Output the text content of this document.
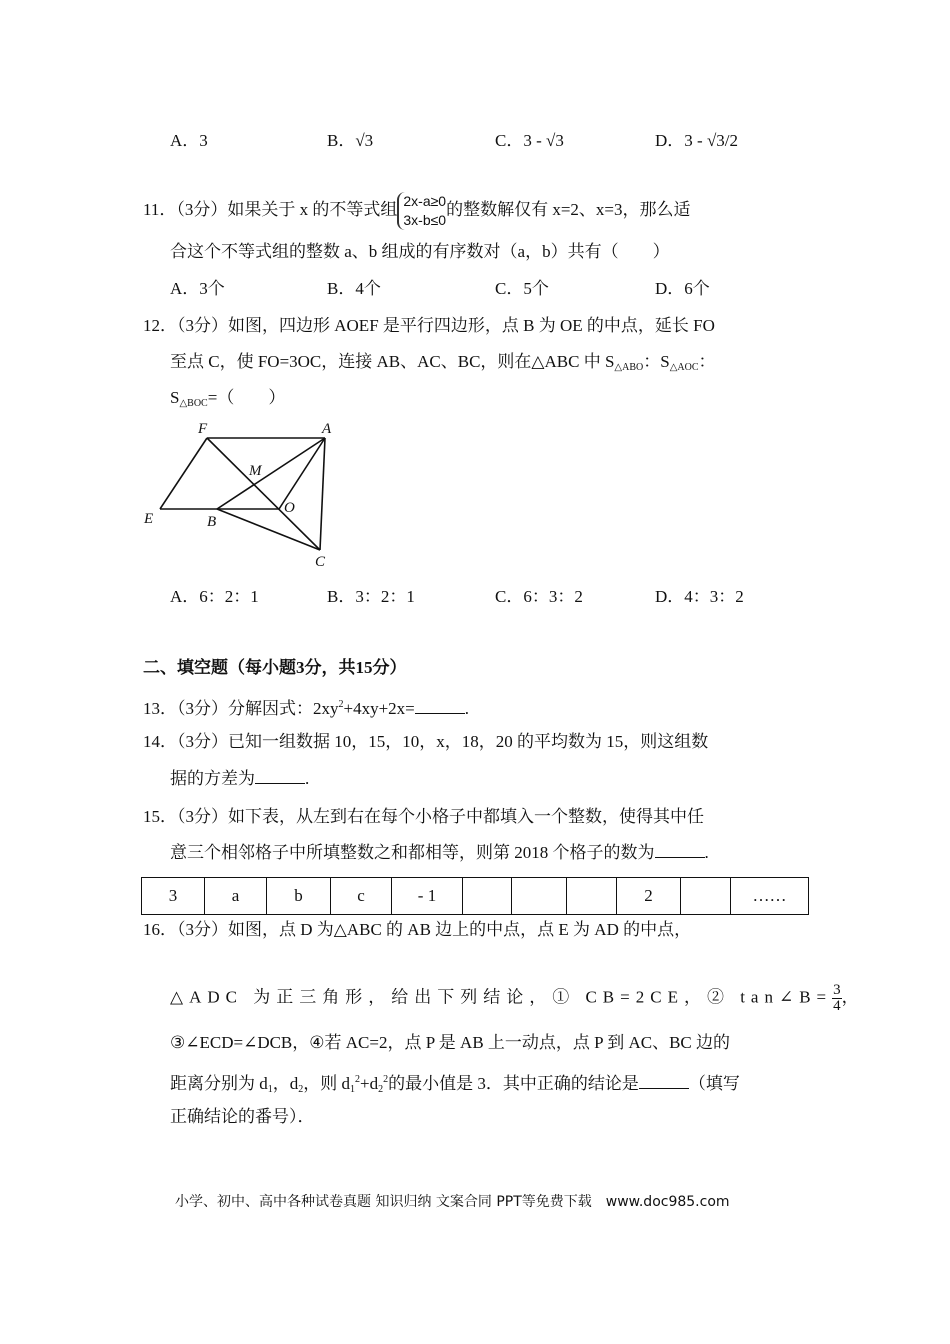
A．3	B．√3	C．3 - √3	D．3 - √3/2
11．（3分）如果关于 x 的不等式组 2x-a≥0
3x-b≤0
的整数解仅有 x=2、x=3，那么适
合这个不等式组的整数 a、b 组成的有序数对（a，b）共有（　　）
A．3个	B．4个	C．5个	D．6个
12．（3分）如图，四边形 AOEF 是平行四边形，点 B 为 OE 的中点，延长 FO
至点 C，使 FO=3OC，连接 AB、AC、BC，则在△ABC 中 $S_{\triangle ABO}$：$S_{\triangle AOC}$：
$S_{\triangle BOC}=$（　　）
F	A
M
E	B
O
C
A．6：2：1	B．3：2：1	C．6：3：2	D．4：3：2
二、填空题（每小题3分，共15分）
13．（3分）分解因式：$2xy^2+4xy+2x=$	.
14．（3分）已知一组数据 10，15，10，x，18，20 的平均数为 15，则这组数
据的方差为	.
15．（3分）如下表，从左到右在每个小格子中都填入一个整数，使得其中任
意三个相邻格子中所填整数之和都相等，则第 2018 个格子的数为	.
3	a	b	c	- 1				2		……
16．（3分）如图，点 D 为△ABC 的 AB 边上的中点，点 E 为 AD 的中点，
△ADC 为正三角形，给出下列结论，① CB=2CE，② tan∠B= $\frac{3}{4}$ ，
③∠ECD=∠DCB，④若 AC=2，点 P 是 AB 上一动点，点 P 到 AC、BC 边的
距离分别为 $d_1$，$d_2$，则 $d_1^2+d_2^2$的最小值是 3．其中正确的结论是	（填写
正确结论的番号）．
小学、初中、高中各种试卷真题 知识归纳 文案合同 PPT等免费下载　www.doc985.com
